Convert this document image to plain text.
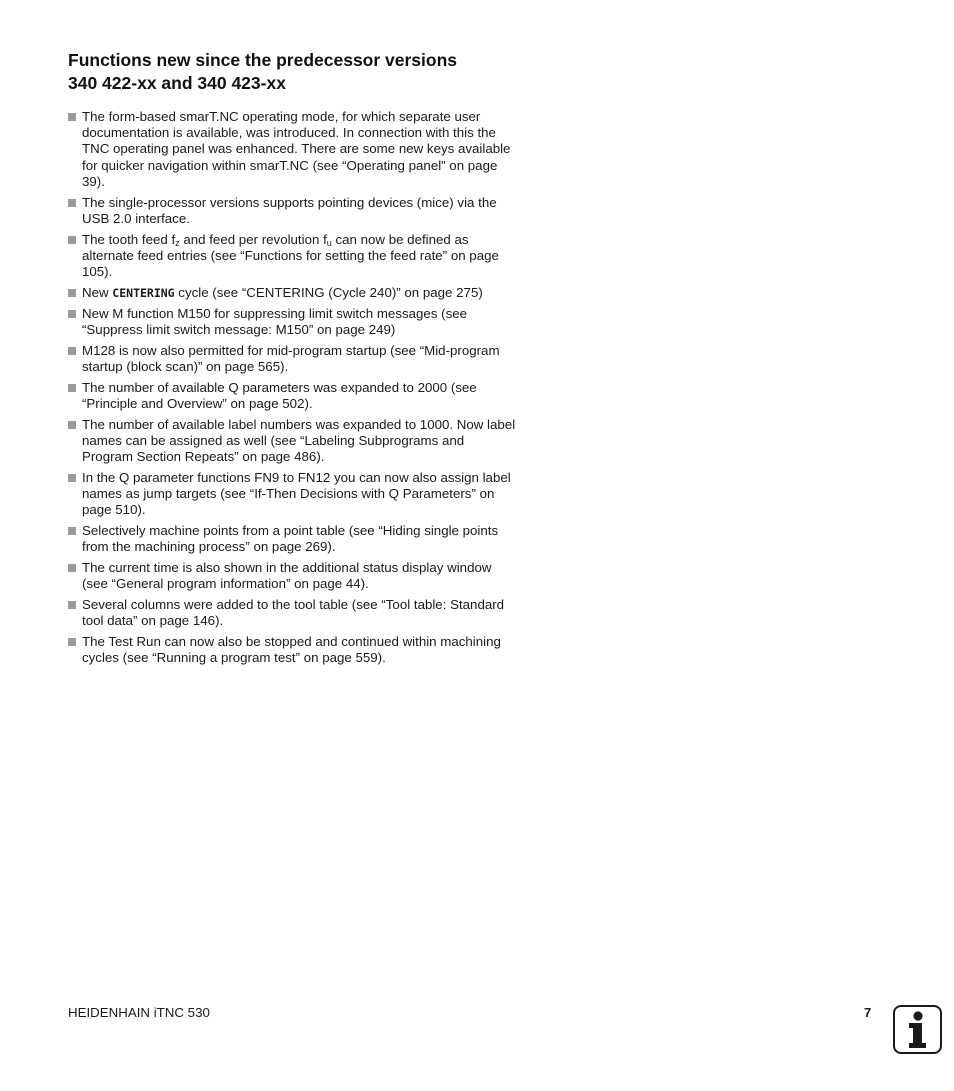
Functions new since the predecessor versions
340 422-xx and 340 423-xx
The form-based smarT.NC operating mode, for which separate user documentation is available, was introduced. In connection with this the TNC operating panel was enhanced. There are some new keys available for quicker navigation within smarT.NC (see “Operating panel” on page 39).
The single-processor versions supports pointing devices (mice) via the USB 2.0 interface.
The tooth feed $f_z$ and feed per revolution $f_u$ can now be defined as alternate feed entries (see “Functions for setting the feed rate” on page 105).
New CENTERING cycle (see “CENTERING (Cycle 240)” on page 275)
New M function M150 for suppressing limit switch messages (see “Suppress limit switch message: M150” on page 249)
M128 is now also permitted for mid-program startup (see “Mid-program startup (block scan)” on page 565).
The number of available Q parameters was expanded to 2000 (see “Principle and Overview” on page 502).
The number of available label numbers was expanded to 1000. Now label names can be assigned as well (see “Labeling Subprograms and Program Section Repeats” on page 486).
In the Q parameter functions FN9 to FN12 you can now also assign label names as jump targets (see “If-Then Decisions with Q Parameters” on page 510).
Selectively machine points from a point table (see “Hiding single points from the machining process” on page 269).
The current time is also shown in the additional status display window (see “General program information” on page 44).
Several columns were added to the tool table (see “Tool table: Standard tool data” on page 146).
The Test Run can now also be stopped and continued within machining cycles (see “Running a program test” on page 559).
HEIDENHAIN iTNC 530	7
